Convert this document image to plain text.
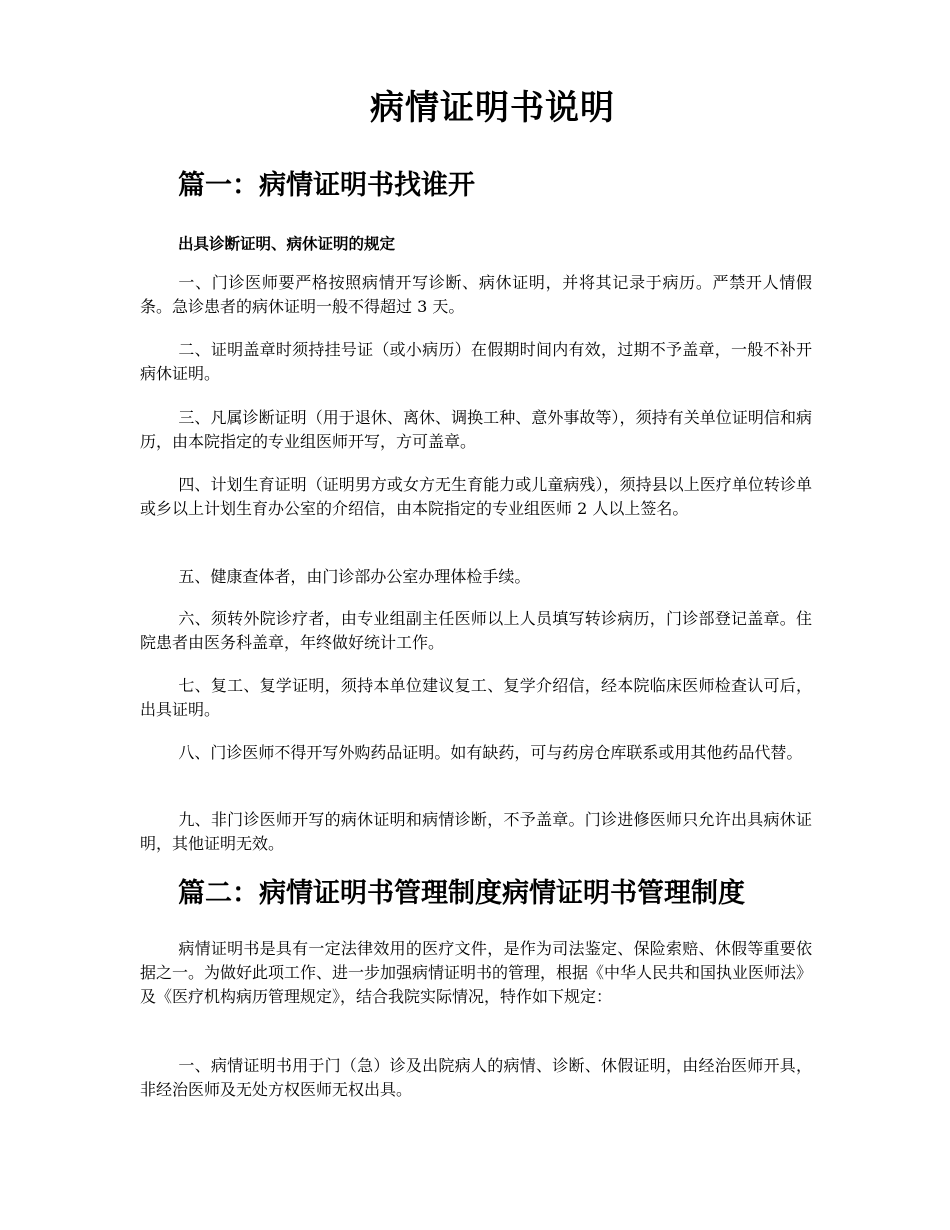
病情证明书说明
篇一：病情证明书找谁开
出具诊断证明、病休证明的规定

一、门诊医师要严格按照病情开写诊断、病休证明，并将其记录于病历。严禁开人情假条。急诊患者的病休证明一般不得超过 3 天。

二、证明盖章时须持挂号证（或小病历）在假期时间内有效，过期不予盖章，一般不补开病休证明。

三、凡属诊断证明（用于退休、离休、调换工种、意外事故等），须持有关单位证明信和病历，由本院指定的专业组医师开写，方可盖章。

四、计划生育证明（证明男方或女方无生育能力或儿童病残），须持县以上医疗单位转诊单或乡以上计划生育办公室的介绍信，由本院指定的专业组医师 2 人以上签名。

五、健康查体者，由门诊部办公室办理体检手续。

六、须转外院诊疗者，由专业组副主任医师以上人员填写转诊病历，门诊部登记盖章。住院患者由医务科盖章，年终做好统计工作。

七、复工、复学证明，须持本单位建议复工、复学介绍信，经本院临床医师检查认可后，出具证明。

八、门诊医师不得开写外购药品证明。如有缺药，可与药房仓库联系或用其他药品代替。

九、非门诊医师开写的病休证明和病情诊断，不予盖章。门诊进修医师只允许出具病休证明，其他证明无效。

篇二：病情证明书管理制度病情证明书管理制度

病情证明书是具有一定法律效用的医疗文件，是作为司法鉴定、保险索赔、休假等重要依据之一。为做好此项工作、进一步加强病情证明书的管理，根据《中华人民共和国执业医师法》及《医疗机构病历管理规定》，结合我院实际情况，特作如下规定：

一、病情证明书用于门（急）诊及出院病人的病情、诊断、休假证明，由经治医师开具，非经治医师及无处方权医师无权出具。
